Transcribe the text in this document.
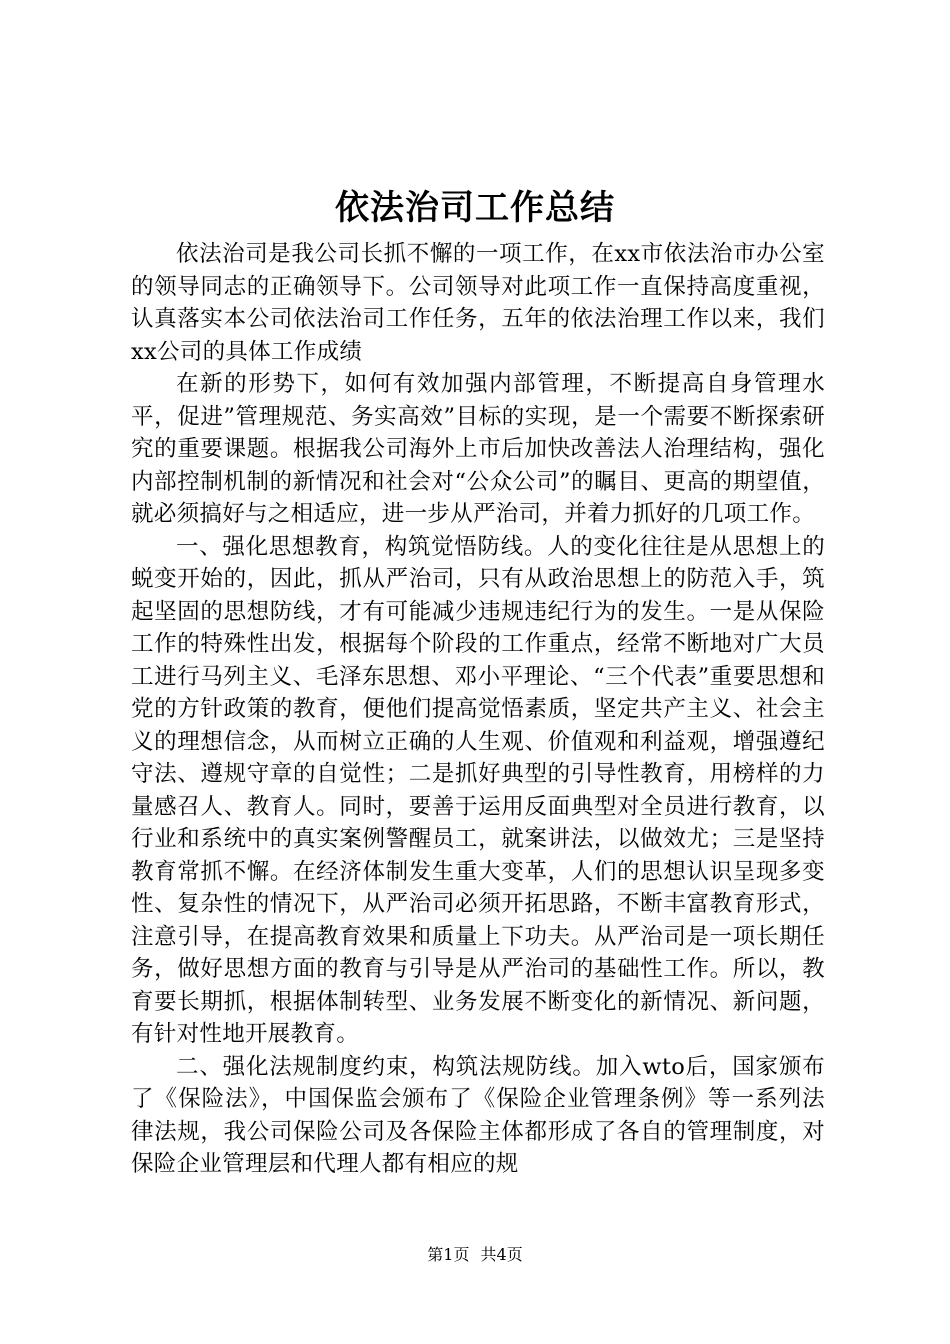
依法治司工作总结

依法治司是我公司长抓不懈的一项工作，在xx市依法治市办公室的领导同志的正确领导下。公司领导对此项工作一直保持高度重视，认真落实本公司依法治司工作任务，五年的依法治理工作以来，我们xx公司的具体工作成绩

在新的形势下，如何有效加强内部管理，不断提高自身管理水平，促进”管理规范、务实高效”目标的实现，是一个需要不断探索研究的重要课题。根据我公司海外上市后加快改善法人治理结构，强化内部控制机制的新情况和社会对“公众公司”的瞩目、更高的期望值，就必须搞好与之相适应，进一步从严治司，并着力抓好的几项工作。

一、强化思想教育，构筑觉悟防线。人的变化往往是从思想上的蜕变开始的，因此，抓从严治司，只有从政治思想上的防范入手，筑起坚固的思想防线，才有可能减少违规违纪行为的发生。一是从保险工作的特殊性出发，根据每个阶段的工作重点，经常不断地对广大员工进行马列主义、毛泽东思想、邓小平理论、“三个代表”重要思想和党的方针政策的教育，便他们提高觉悟素质，坚定共产主义、社会主义的理想信念，从而树立正确的人生观、价值观和利益观，增强遵纪守法、遵规守章的自觉性；二是抓好典型的引导性教育，用榜样的力量感召人、教育人。同时，要善于运用反面典型对全员进行教育，以行业和系统中的真实案例警醒员工，就案讲法，以做效尤；三是坚持教育常抓不懈。在经济体制发生重大变革，人们的思想认识呈现多变性、复杂性的情况下，从严治司必须开拓思路，不断丰富教育形式，注意引导，在提高教育效果和质量上下功夫。从严治司是一项长期任务，做好思想方面的教育与引导是从严治司的基础性工作。所以，教育要长期抓，根据体制转型、业务发展不断变化的新情况、新问题，有针对性地开展教育。

二、强化法规制度约束，构筑法规防线。加入wto后，国家颁布了《保险法》，中国保监会颁布了《保险企业管理条例》等一系列法律法规，我公司保险公司及各保险主体都形成了各自的管理制度，对保险企业管理层和代理人都有相应的规

第1页 共4页
